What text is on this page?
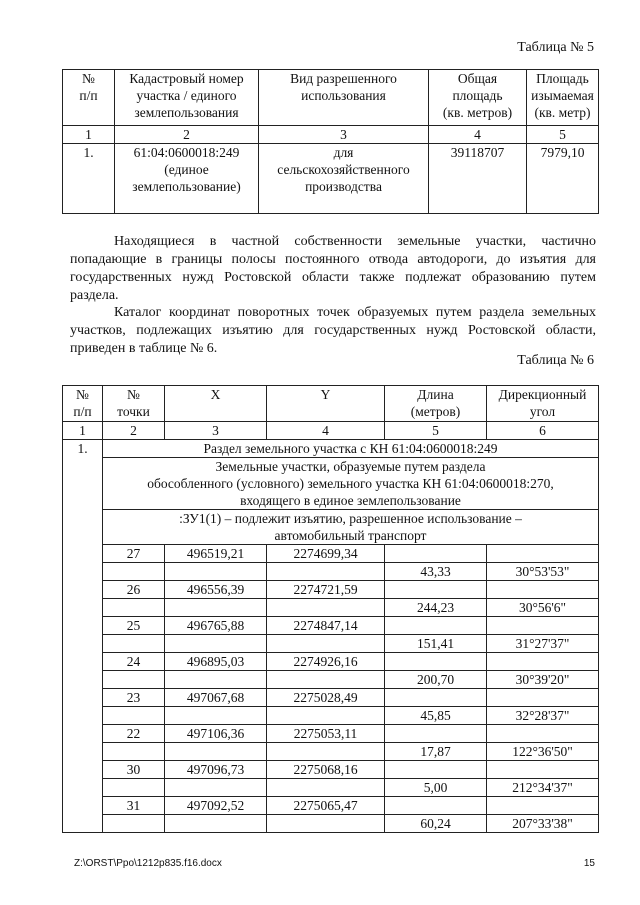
Таблица № 5
№
п/п	Кадастровый номер
участка / единого
землепользования	Вид разрешенного
использования	Общая
площадь
(кв. метров)	Площадь
изымаемая
(кв. метр)
1	2	3	4	5
1.	61:04:0600018:249
(единое
землепользование)	для
сельскохозяйственного
производства	39118707	7979,10
Находящиеся в частной собственности земельные участки, частично попадающие в границы полосы постоянного отвода автодороги, до изъятия для государственных нужд Ростовской области также подлежат образованию путем раздела.
Каталог координат поворотных точек образуемых путем раздела земельных участков, подлежащих изъятию для государственных нужд Ростовской области, приведен в таблице № 6.
Таблица № 6
№
п/п	№
точки	X	Y	Длина
(метров)	Дирекционный
угол
1	2	3	4	5	6
1.	Раздел земельного участка с КН 61:04:0600018:249				
	Земельные участки, образуемые путем раздела
обособленного (условного) земельного участка КН 61:04:0600018:270,
входящего в единое землепользование				
	:ЗУ1(1) – подлежит изъятию, разрешенное использование –
автомобильный транспорт				
	27	496519,21	2274699,34		
				43,33	30°53'53"
	26	496556,39	2274721,59		
				244,23	30°56'6"
	25	496765,88	2274847,14		
				151,41	31°27'37"
	24	496895,03	2274926,16		
				200,70	30°39'20"
	23	497067,68	2275028,49		
				45,85	32°28'37"
	22	497106,36	2275053,11		
				17,87	122°36'50"
	30	497096,73	2275068,16		
				5,00	212°34'37"
	31	497092,52	2275065,47		
				60,24	207°33'38"
Z:\ORST\Ppo\1212p835.f16.docx	15
